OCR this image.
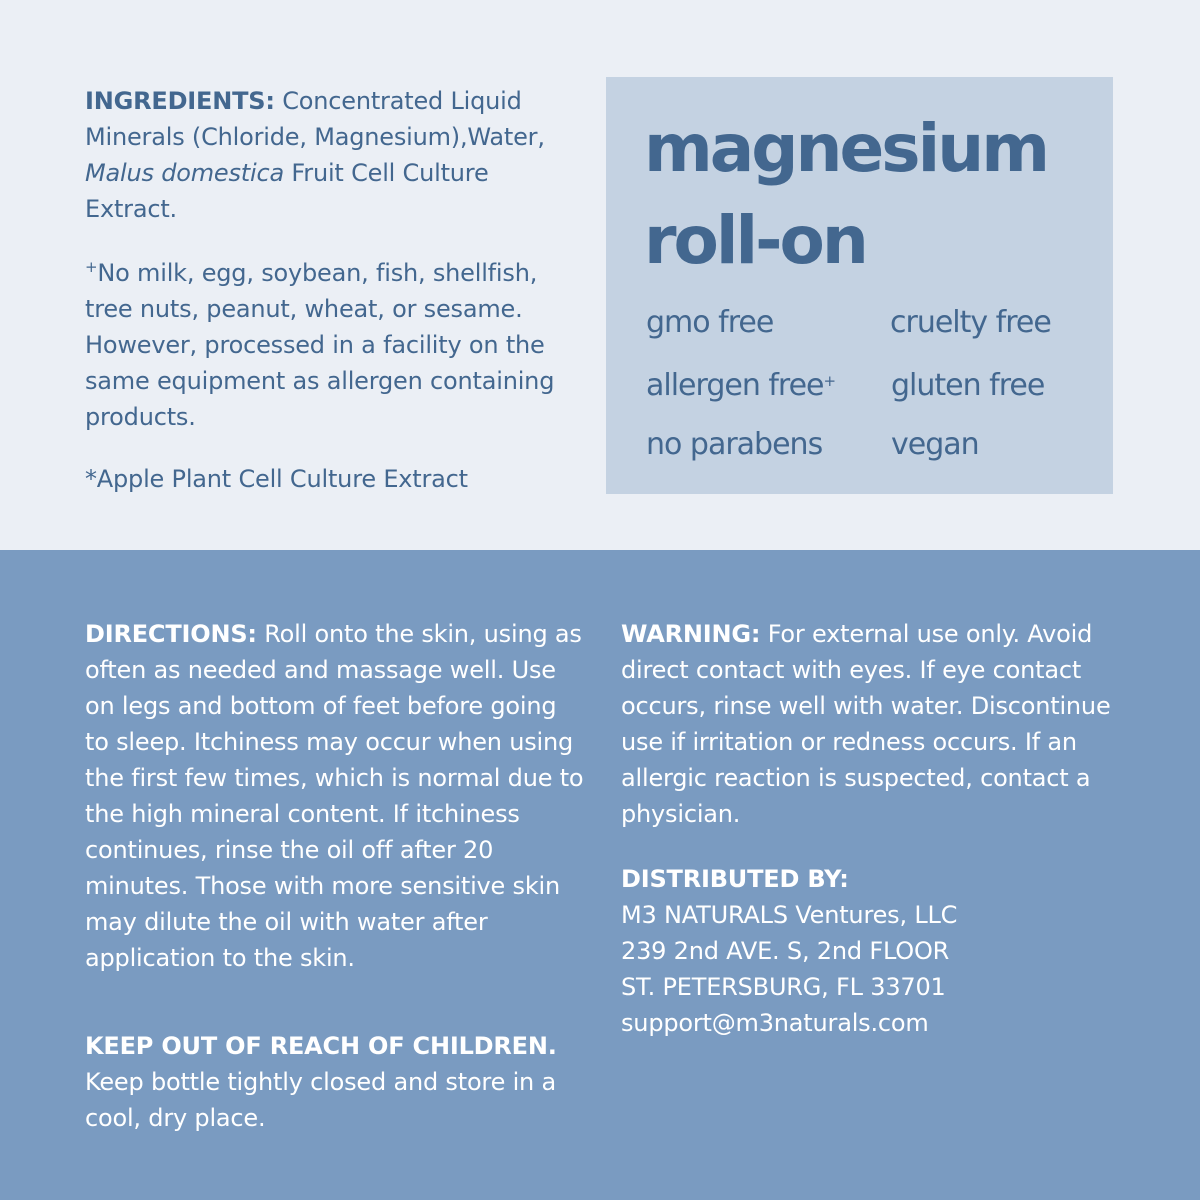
INGREDIENTS: Concentrated Liquid Minerals (Chloride, Magnesium),Water, Malus domestica Fruit Cell Culture Extract.

+No milk, egg, soybean, fish, shellfish, tree nuts, peanut, wheat, or sesame. However, processed in a facility on the same equipment as allergen containing products.

*Apple Plant Cell Culture Extract

magnesium
roll-on

gmo free	cruelty free

allergen free+ gluten free

no parabens vegan

DIRECTIONS: Roll onto the skin, using as often as needed and massage well. Use on legs and bottom of feet before going to sleep. Itchiness may occur when using the first few times, which is normal due to the high mineral content. If itchiness continues, rinse the oil off after 20 minutes. Those with more sensitive skin may dilute the oil with water after application to the skin.

KEEP OUT OF REACH OF CHILDREN.
Keep bottle tightly closed and store in a cool, dry place.

WARNING: For external use only. Avoid direct contact with eyes. If eye contact occurs, rinse well with water. Discontinue use if irritation or redness occurs. If an allergic reaction is suspected, contact a physician.

DISTRIBUTED BY:
M3 NATURALS Ventures, LLC
239 2nd AVE. S, 2nd FLOOR
ST. PETERSBURG, FL 33701
support@m3naturals.com
